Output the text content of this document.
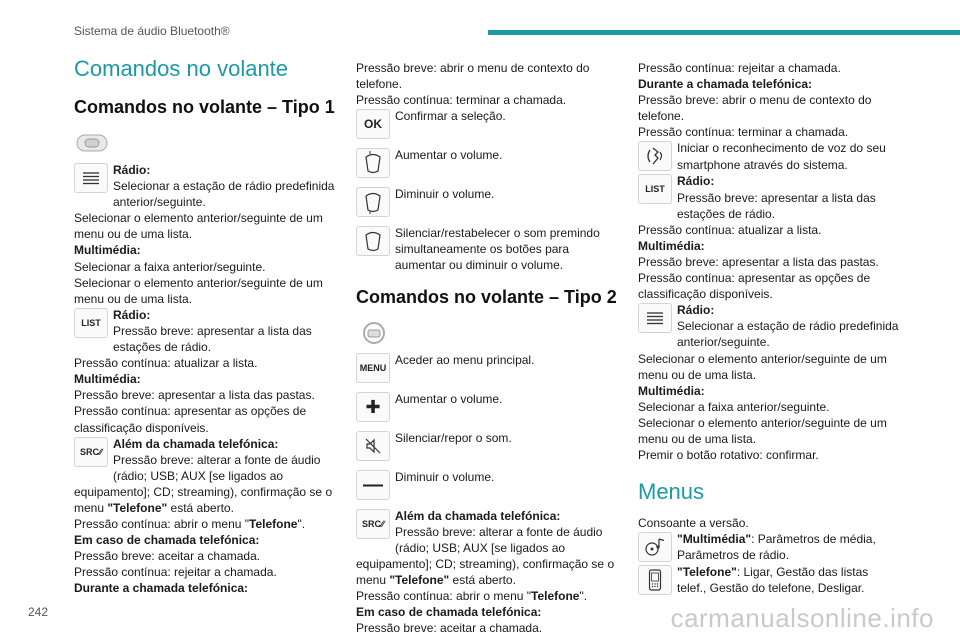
Sistema de áudio Bluetooth®
Comandos no volante
Comandos no volante – Tipo 1

Rádio:

Selecionar a estação de rádio predefinida anterior/seguinte.

Selecionar o elemento anterior/seguinte de um menu ou de uma lista.

Multimédia:

Selecionar a faixa anterior/seguinte.

Selecionar o elemento anterior/seguinte de um menu ou de uma lista.

LIST

Rádio:

Pressão breve: apresentar a lista das estações de rádio.

Pressão contínua: atualizar a lista.

Multimédia:

Pressão breve: apresentar a lista das pastas.

Pressão contínua: apresentar as opções de classificação disponíveis.

SRC ∕∕

Além da chamada telefónica:

Pressão breve: alterar a fonte de áudio (rádio; USB; AUX [se ligados ao equipamento]; CD; streaming), confirmação se o menu "Telefone" está aberto.

Pressão contínua: abrir o menu "Telefone".

Em caso de chamada telefónica:

Pressão breve: aceitar a chamada.

Pressão contínua: rejeitar a chamada.

Durante a chamada telefónica:

Pressão breve: abrir o menu de contexto do telefone.

Pressão contínua: terminar a chamada.

OK

Confirmar a seleção.

Aumentar o volume.

Diminuir o volume.

Silenciar/restabelecer o som premindo simultaneamente os botões para aumentar ou diminuir o volume.

Comandos no volante – Tipo 2
MENU

Aceder ao menu principal.

✚	Aumentar o volume.

Silenciar/repor o som.

—	Diminuir o volume.

SRC ∕∕

Além da chamada telefónica:

Pressão breve: alterar a fonte de áudio (rádio; USB; AUX [se ligados ao equipamento]; CD; streaming), confirmação se o menu "Telefone" está aberto.

Pressão contínua: abrir o menu "Telefone".

Em caso de chamada telefónica:

Pressão breve: aceitar a chamada.

Pressão contínua: rejeitar a chamada.

Durante a chamada telefónica:

Pressão breve: abrir o menu de contexto do telefone.

Pressão contínua: terminar a chamada.

Iniciar o reconhecimento de voz do seu smartphone através do sistema.

LIST

Rádio:

Pressão breve: apresentar a lista das estações de rádio.

Pressão contínua: atualizar a lista.

Multimédia:

Pressão breve: apresentar a lista das pastas.

Pressão contínua: apresentar as opções de classificação disponíveis.

Rádio:

Selecionar a estação de rádio predefinida anterior/seguinte.

Selecionar o elemento anterior/seguinte de um menu ou de uma lista.

Multimédia:

Selecionar a faixa anterior/seguinte.

Selecionar o elemento anterior/seguinte de um menu ou de uma lista.

Premir o botão rotativo: confirmar.

Menus

Consoante a versão.

"Multimédia": Parâmetros de média, Parâmetros de rádio.

"Telefone": Ligar, Gestão das listas telef., Gestão do telefone, Desligar.

242	carmanualsonline.info
